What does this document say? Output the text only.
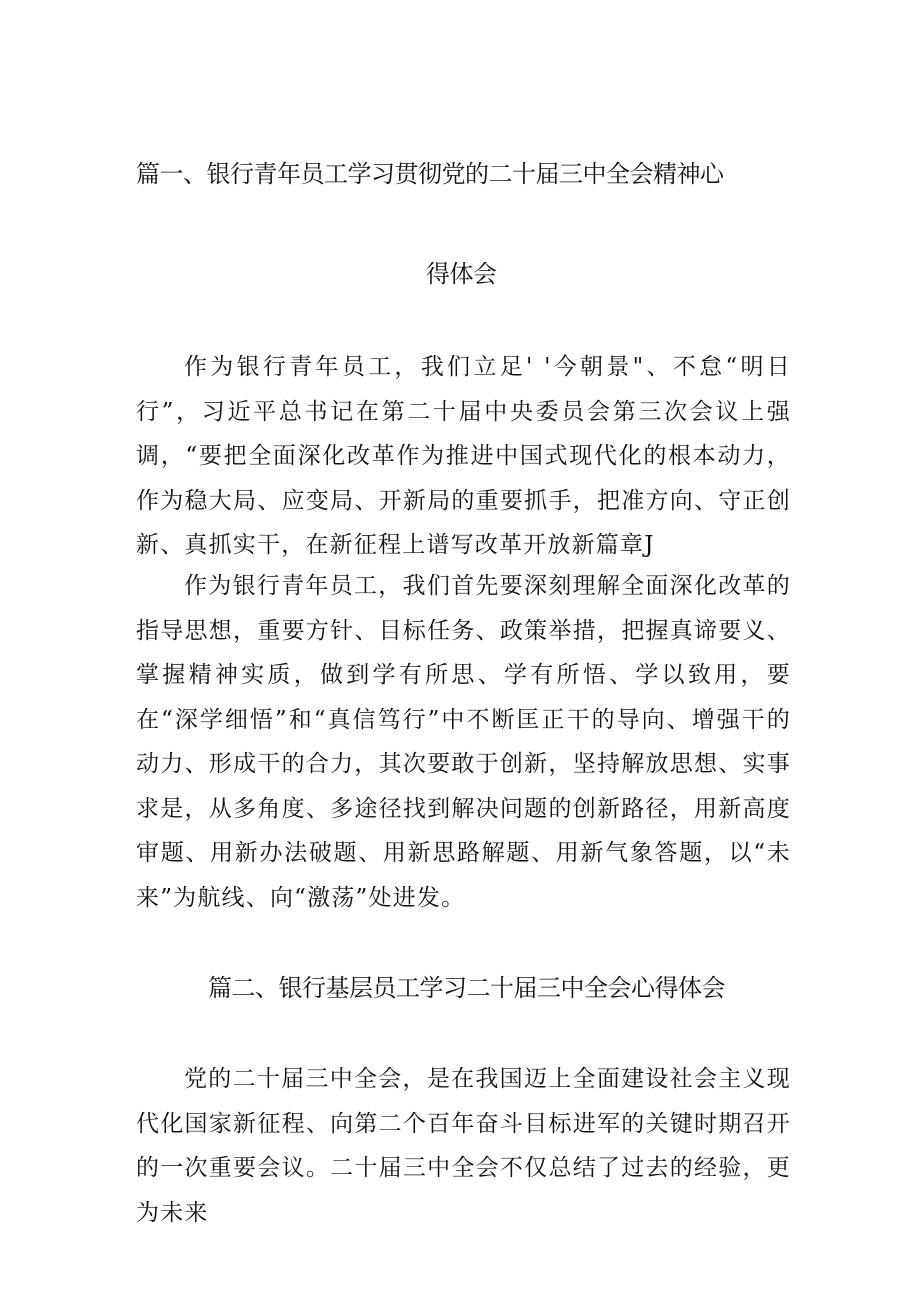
篇一、银行青年员工学习贯彻党的二十届三中全会精神心
得体会

作为银行青年员工，我们立足' '今朝景"、不怠“明日行”，习近平总书记在第二十届中央委员会第三次会议上强调，“要把全面深化改革作为推进中国式现代化的根本动力，作为稳大局、应变局、开新局的重要抓手，把准方向、守正创新、真抓实干，在新征程上谱写改革开放新篇章J

作为银行青年员工，我们首先要深刻理解全面深化改革的指导思想，重要方针、目标任务、政策举措，把握真谛要义、掌握精神实质，做到学有所思、学有所悟、学以致用，要在“深学细悟”和“真信笃行”中不断匡正干的导向、增强干的动力、形成干的合力，其次要敢于创新，坚持解放思想、实事求是，从多角度、多途径找到解决问题的创新路径，用新高度审题、用新办法破题、用新思路解题、用新气象答题，以“未来”为航线、向“激荡”处进发。

篇二、银行基层员工学习二十届三中全会心得体会

党的二十届三中全会，是在我国迈上全面建设社会主义现代化国家新征程、向第二个百年奋斗目标进军的关键时期召开的一次重要会议。二十届三中全会不仅总结了过去的经验，更为未来
